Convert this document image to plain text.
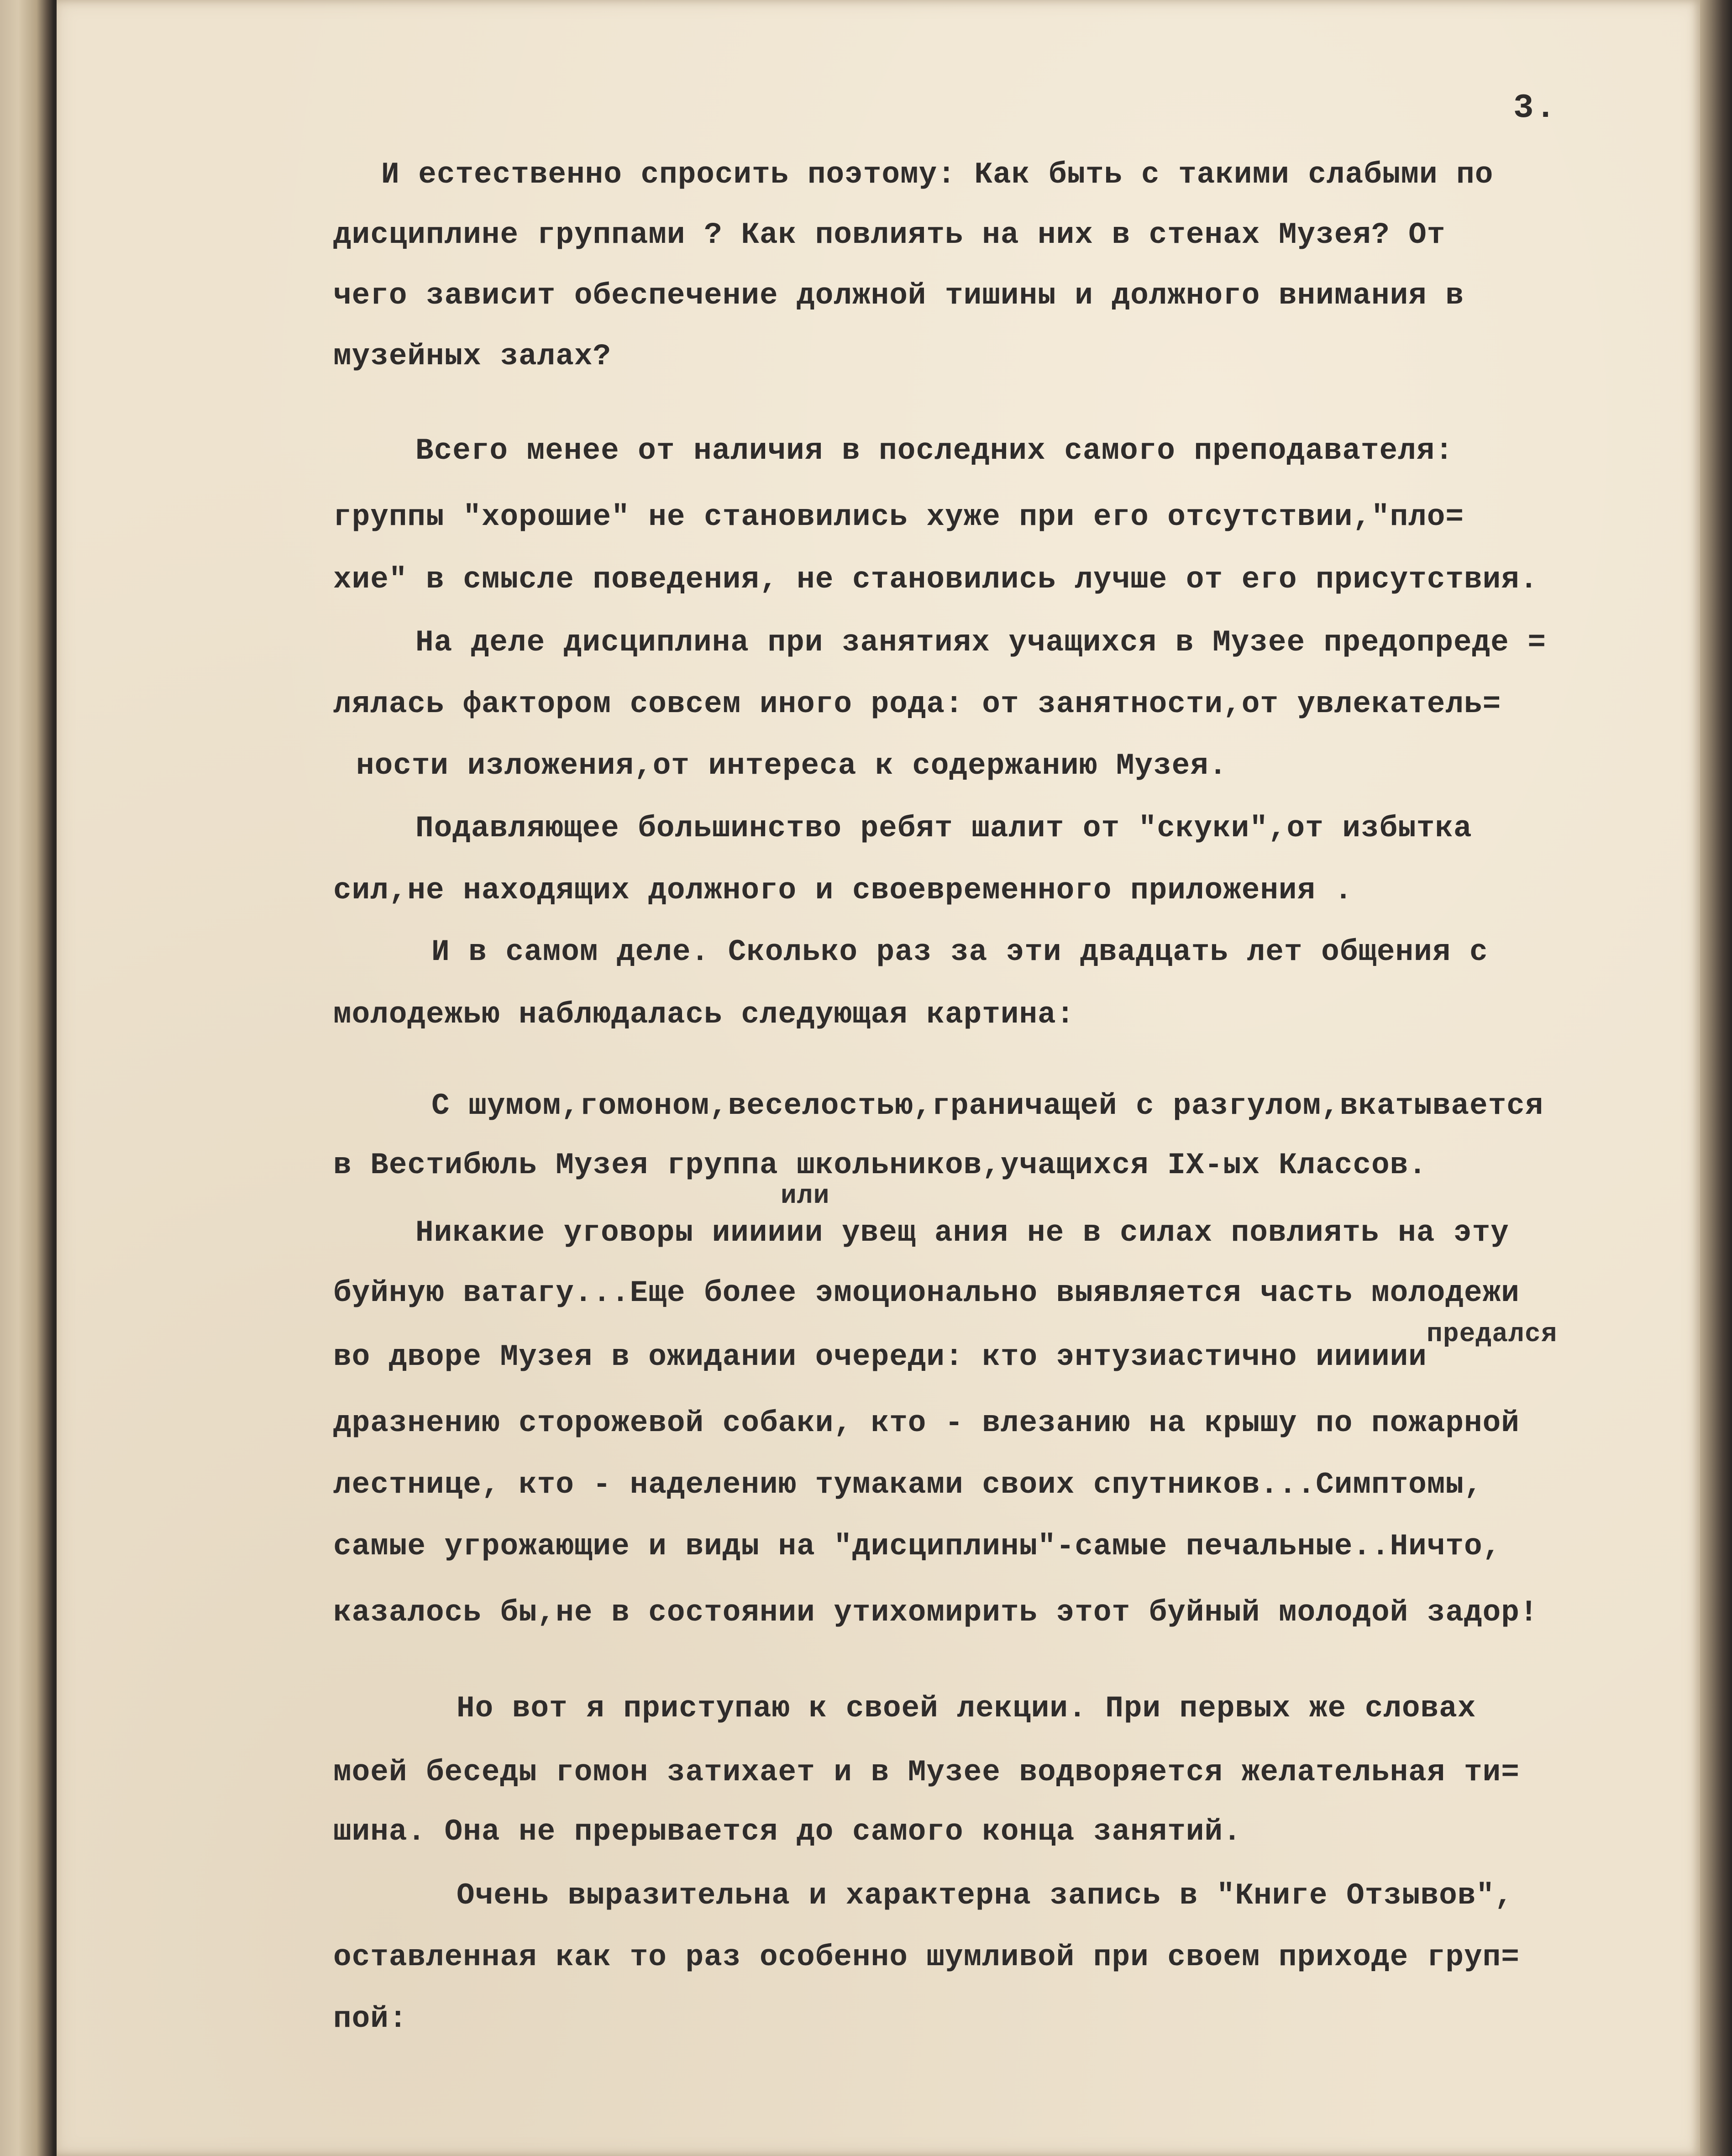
3.
И естественно спросить поэтому: Как быть с такими слабыми по
дисциплине группами ? Как повлиять на них в стенах Музея? От
чего зависит обеспечение должной тишины и должного внимания в
музейных залах?
Всего менее от наличия в последних самого преподавателя:
группы "хорошие" не становились хуже при его отсутствии,"пло=
хие" в смысле поведения, не становились лучше от его присутствия.
На деле дисциплина при занятиях учащихся в Музее предопреде =
лялась фактором совсем иного рода: от занятности,от увлекатель=
ности изложения,от интереса к содержанию Музея.
Подавляющее большинство ребят шалит от "скуки",от избытка
сил,не находящих должного и своевременного приложения .
И в самом деле. Сколько раз за эти двадцать лет общения с
молодежью наблюдалась следующая картина:
С шумом,гомоном,веселостью,граничащей с разгулом,вкатывается
в Вестибюль Музея группа школьников,учащихся IX-ых Классов.
или
Никакие уговоры ииииии увещ ания не в силах повлиять на эту
буйную ватагу...Еще более эмоционально выявляется часть молодежи
предался
во дворе Музея в ожидании очереди: кто энтузиастично ииииии
дразнению сторожевой собаки, кто - влезанию на крышу по пожарной
лестнице, кто - наделению тумаками своих спутников...Симптомы,
самые угрожающие и виды на "дисциплины"-самые печальные..Ничто,
казалось бы,не в состоянии утихомирить этот буйный молодой задор!
Но вот я приступаю к своей лекции. При первых же словах
моей беседы гомон затихает и в Музее водворяется желательная ти=
шина. Она не прерывается до самого конца занятий.
Очень выразительна и характерна запись в "Книге Отзывов",
оставленная как то раз особенно шумливой при своем приходе груп=
пой:
